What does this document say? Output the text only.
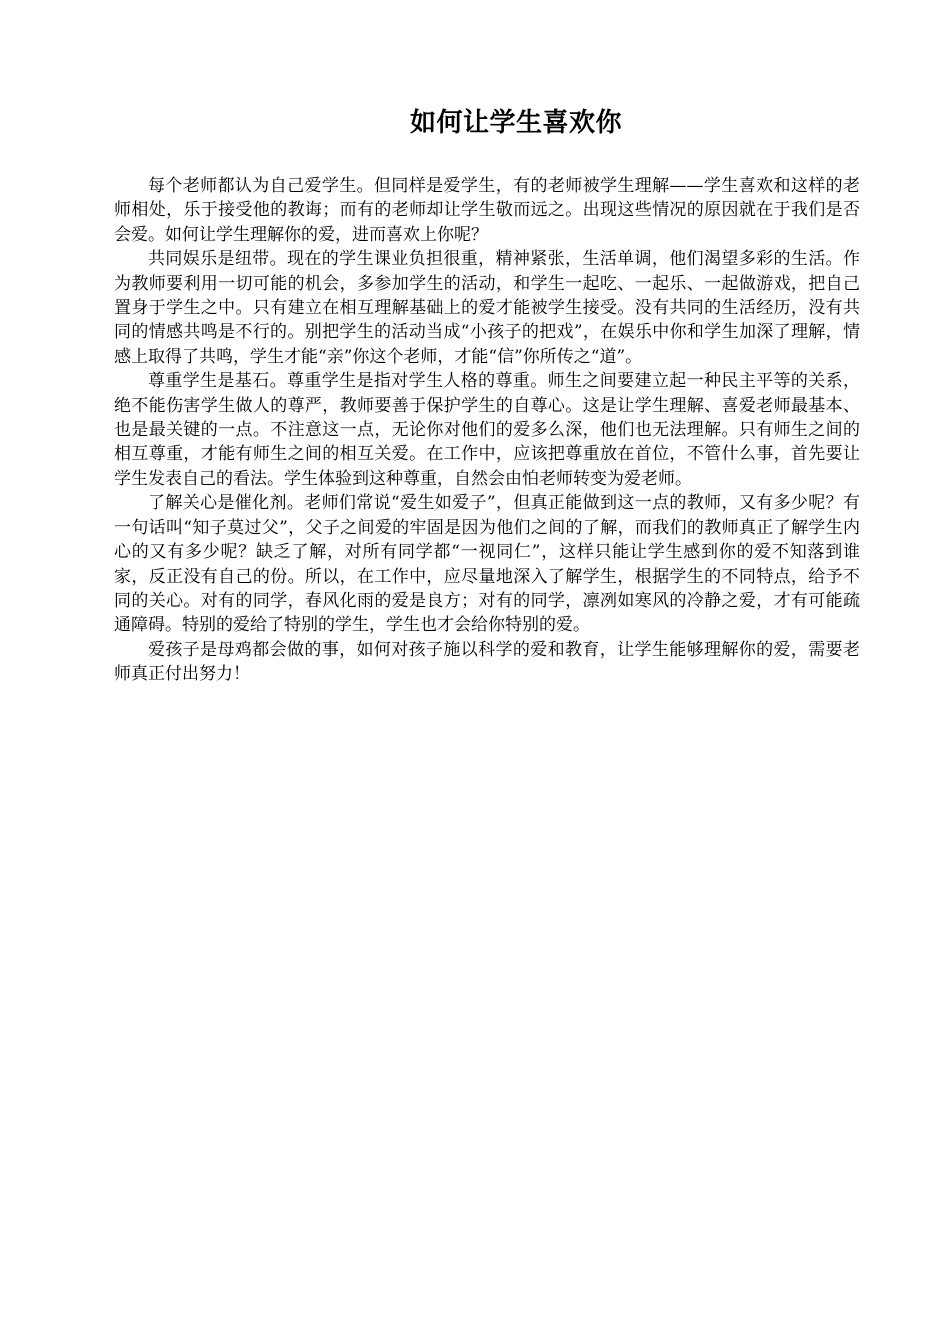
如何让学生喜欢你

每个老师都认为自己爱学生。但同样是爱学生，有的老师被学生理解——学生喜欢和这样的老师相处，乐于接受他的教诲；而有的老师却让学生敬而远之。出现这些情况的原因就在于我们是否会爱。如何让学生理解你的爱，进而喜欢上你呢？

共同娱乐是纽带。现在的学生课业负担很重，精神紧张，生活单调，他们渴望多彩的生活。作为教师要利用一切可能的机会，多参加学生的活动，和学生一起吃、一起乐、一起做游戏，把自己置身于学生之中。只有建立在相互理解基础上的爱才能被学生接受。没有共同的生活经历，没有共同的情感共鸣是不行的。别把学生的活动当成“小孩子的把戏”，在娱乐中你和学生加深了理解，情感上取得了共鸣，学生才能“亲”你这个老师，才能“信”你所传之“道”。

尊重学生是基石。尊重学生是指对学生人格的尊重。师生之间要建立起一种民主平等的关系，绝不能伤害学生做人的尊严，教师要善于保护学生的自尊心。这是让学生理解、喜爱老师最基本、也是最关键的一点。不注意这一点，无论你对他们的爱多么深，他们也无法理解。只有师生之间的相互尊重，才能有师生之间的相互关爱。在工作中，应该把尊重放在首位，不管什么事，首先要让学生发表自己的看法。学生体验到这种尊重，自然会由怕老师转变为爱老师。

了解关心是催化剂。老师们常说“爱生如爱子”，但真正能做到这一点的教师，又有多少呢？有一句话叫“知子莫过父”，父子之间爱的牢固是因为他们之间的了解，而我们的教师真正了解学生内心的又有多少呢？缺乏了解，对所有同学都“一视同仁”，这样只能让学生感到你的爱不知落到谁家，反正没有自己的份。所以，在工作中，应尽量地深入了解学生，根据学生的不同特点，给予不同的关心。对有的同学，春风化雨的爱是良方；对有的同学，凛冽如寒风的冷静之爱，才有可能疏通障碍。特别的爱给了特别的学生，学生也才会给你特别的爱。

爱孩子是母鸡都会做的事，如何对孩子施以科学的爱和教育，让学生能够理解你的爱，需要老师真正付出努力！
